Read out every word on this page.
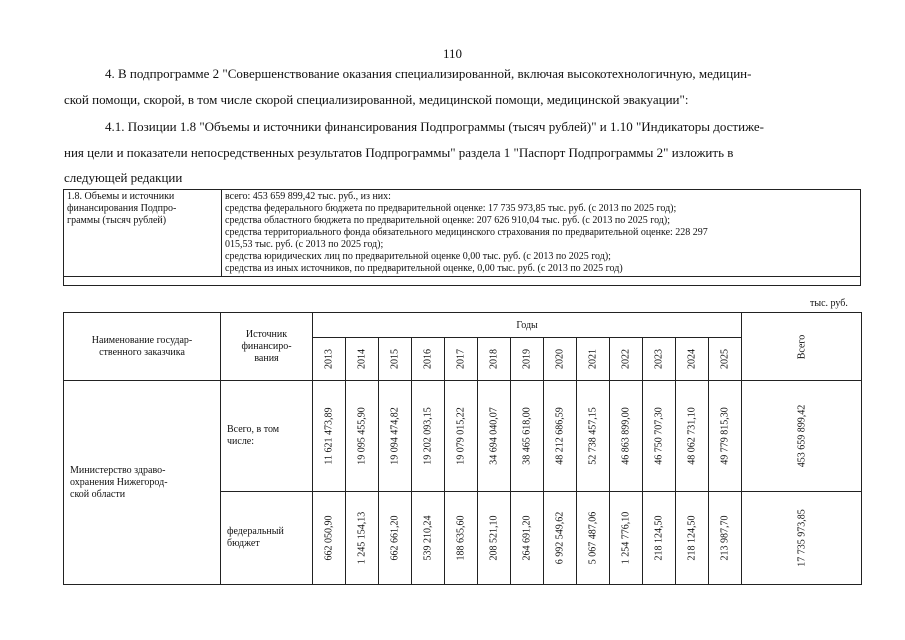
110
4. В подпрограмме 2 "Совершенствование оказания специализированной, включая высокотехнологичную, медицин-
ской помощи, скорой, в том числе скорой специализированной, медицинской помощи, медицинской эвакуации":
4.1. Позиции 1.8 "Объемы и источники финансирования Подпрограммы (тысяч рублей)" и 1.10 "Индикаторы достиже-
ния цели и показатели непосредственных результатов Подпрограммы" раздела 1 "Паспорт Подпрограммы 2" изложить в
следующей редакции
1.8. Объемы и источники
финансирования Подпро-
граммы (тысяч рублей)

всего: 453 659 899,42 тыс. руб., из них:
средства федерального бюджета по предварительной оценке: 17 735 973,85 тыс. руб. (с 2013 по 2025 год);
средства областного бюджета по предварительной оценке: 207 626 910,04 тыс. руб. (с 2013 по 2025 год);
средства территориального фонда обязательного медицинского страхования по предварительной оценке: 228 297
015,53 тыс. руб. (с 2013 по 2025 год);
средства юридических лиц по предварительной оценке 0,00 тыс. руб. (с 2013 по 2025 год);
средства из иных источников, по предварительной оценке, 0,00 тыс. руб. (с 2013 по 2025 год)

тыс. руб.
Наименование государ-
ственного заказчика	Источник
финансиро-
вания	Годы													Всего

		2013	2014	2015	2016	2017	2018	2019	2020	2021	2022	2023	2024	2025	

Министерство здраво-
охранения Нижегород-
ской области	Всего, в том
числе:	11 621 473,89	19 095 455,90	19 094 474,82	19 202 093,15	19 079 015,22	34 694 040,07	38 465 618,00	48 212 686,59	52 738 457,15	46 863 899,00	46 750 707,30	48 062 731,10	49 779 815,30	453 659 899,42

	федеральный
бюджет	662 050,90	1 245 154,13	662 661,20	539 210,24	188 635,60	208 521,10	264 691,20	6 992 549,62	5 067 487,06	1 254 776,10	218 124,50	218 124,50	213 987,70	17 735 973,85
